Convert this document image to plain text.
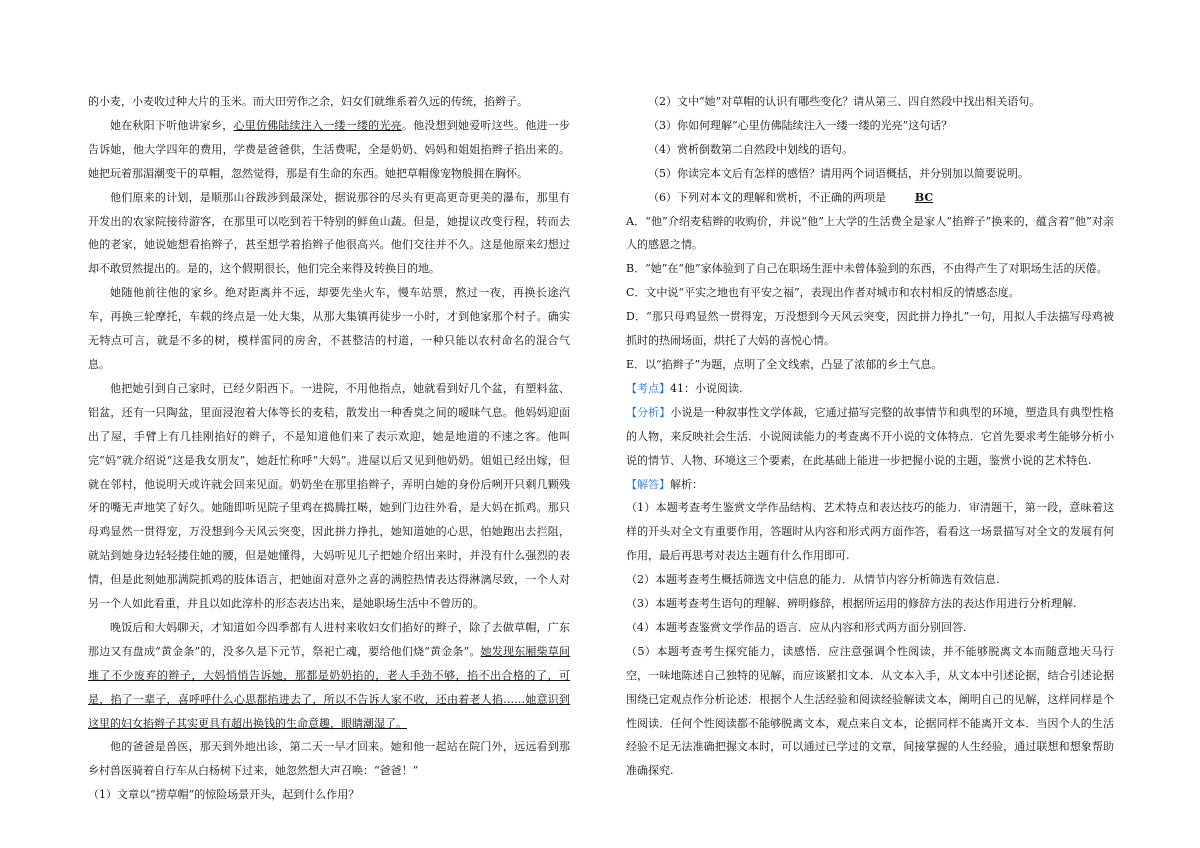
的小麦，小麦收过种大片的玉米。而大田劳作之余，妇女们就维系着久远的传统，掐辫子。

她在秋阳下听他讲家乡，心里仿佛陆续注入一缕一缕的光亮。他没想到她爱听这些。他进一步告诉她，他大学四年的费用，学费是爸爸供，生活费呢，全是奶奶、妈妈和姐姐掐辫子掐出来的。她把玩着那湄潮变干的草帽，忽然觉得，那是有生命的东西。她把草帽像宠物般拥在胸怀。

他们原来的计划，是顺那山谷跋涉到最深处，据说那谷的尽头有更高更奇更美的瀑布，那里有开发出的农家院接待游客，在那里可以吃到若干特别的鲜鱼山蔬。但是，她提议改变行程，转而去他的老家，她说她想看掐辫子，甚至想学着掐辫子他很高兴。他们交往并不久。这是他原来幻想过却不敢贸然提出的。是的，这个假期很长，他们完全来得及转换目的地。

她随他前往他的家乡。绝对距离并不远，却要先坐火车，慢车站票，熬过一夜，再换长途汽车，再换三轮摩托，车载的终点是一处大集，从那大集镇再徒步一小时，才到他家那个村子。确实无特点可言，就是不多的树，模样雷同的房舍，不甚整洁的村道，一种只能以农村命名的混合气息。

他把她引到自己家时，已经夕阳西下。一进院，不用他指点，她就看到好几个盆，有塑料盆、铝盆，还有一只陶盆，里面浸泡着大体等长的麦秸，散发出一种香臭之间的暧昧气息。他妈妈迎面出了屋，手臂上有几挂刚掐好的辫子，不是知道他们来了表示欢迎，她是地道的不速之客。他叫完“妈”就介绍说“这是我女朋友”，她赶忙称呼“大妈”。进屋以后又见到他奶奶。姐姐已经出嫁，但就在邻村，他说明天或许就会回来见面。奶奶坐在那里掐辫子，弄明白她的身份后咧开只剩几颗残牙的嘴无声地笑了好久。她随即听见院子里鸡在捣腾扛啭，她到门边往外看，是大妈在抓鸡。那只母鸡显然一贯得宠，万没想到今天风云突变，因此拼力挣扎，她知道她的心思，怕她跑出去拦阻，就站到她身边轻轻搂住她的腰，但是她懂得，大妈听见儿子把她介绍出来时，并没有什么强烈的表情，但是此刻她那满院抓鸡的肢体语言，把她面对意外之喜的满腔热情表达得淋漓尽致，一个人对另一个人如此看重，并且以如此淳朴的形态表达出来，是她职场生活中不曾历的。

晚饭后和大妈聊天，才知道如今四季都有人进村来收妇女们掐好的辫子，除了去做草帽，广东那边又有盘成“黄金条”的，没多久是下元节，祭祀亡魂，要给他们烧“黄金条”。她发现东厢柴草间堆了不少废弃的辫子，大妈悄悄告诉她，那都是奶奶掐的，老人手劲不够，掐不出合格的了，可是，掐了一辈子，喜呼呼什么心思都掐进去了，所以不告诉人家不收，还由着老人掐……她意识到这里的妇女掐辫子其实更具有超出换钱的生命意趣，眼睛潮湿了。

他的爸爸是兽医，那天到外地出诊，第二天一早才回来。她和他一起站在院门外，远远看到那乡村兽医骑着自行车从白杨树下过来，她忽然想大声召唤：“爸爸！”

（1）文章以“捞草帽”的惊险场景开头，起到什么作用？

（2）文中“她”对草帽的认识有哪些变化？请从第三、四自然段中找出相关语句。

（3）你如何理解“心里仿佛陆续注入一缕一缕的光亮”这句话？

（4）赏析倒数第二自然段中划线的语句。

（5）你读完本文后有怎样的感悟？请用两个词语概括，并分别加以简要说明。

（6）下列对本文的理解和赏析，不正确的两项是	BC

A．“他”介绍麦秸辫的收购价，并说“他”上大学的生活费全是家人“掐辫子”换来的，蕴含着“他”对亲人的感恩之情。

B．“她”在“他”家体验到了自己在职场生涯中未曾体验到的东西，不由得产生了对职场生活的厌倦。

C．文中说“平实之地也有平安之福”，表现出作者对城市和农村相反的情感态度。

D．“那只母鸡显然一贯得宠，万没想到今天风云突变，因此拼力挣扎”一句，用拟人手法描写母鸡被抓时的热闹场面，烘托了大妈的喜悦心情。

E．以“掐辫子”为题，点明了全文线索，凸显了浓郁的乡土气息。

【考点】41：小说阅读.

【分析】小说是一种叙事性文学体裁，它通过描写完整的故事情节和典型的环境，塑造具有典型性格的人物，来反映社会生活．小说阅读能力的考查离不开小说的文体特点．它首先要求考生能够分析小说的情节、人物、环境这三个要素，在此基础上能进一步把握小说的主题，鉴赏小说的艺术特色.

【解答】解析：

（1）本题考查考生鉴赏文学作品结构、艺术特点和表达技巧的能力．审清题干，第一段，意味着这样的开头对全文有重要作用，答题时从内容和形式两方面作答，看看这一场景描写对全文的发展有何作用，最后再思考对表达主题有什么作用即可.

（2）本题考查考生概括筛选文中信息的能力．从情节内容分析筛选有效信息.

（3）本题考查考生语句的理解、辨明修辞，根据所运用的修辞方法的表达作用进行分析理解.

（4）本题考查鉴赏文学作品的语言．应从内容和形式两方面分别回答.

（5）本题考查考生探究能力，读感悟．应注意强调个性阅读，并不能够脱离文本而随意地天马行空，一味地陈述自己独特的见解，而应该紧扣文本．从文本入手，从文本中引述论据，结合引述论据围绕已定观点作分析论述．根据个人生活经验和阅读经验解读文本，阐明自己的见解，这样同样是个性阅读．任何个性阅读都不能够脱离文本，观点来自文本，论据同样不能离开文本．当因个人的生活经验不足无法准确把握文本时，可以通过已学过的文章，间接掌握的人生经验，通过联想和想象帮助准确探究.
